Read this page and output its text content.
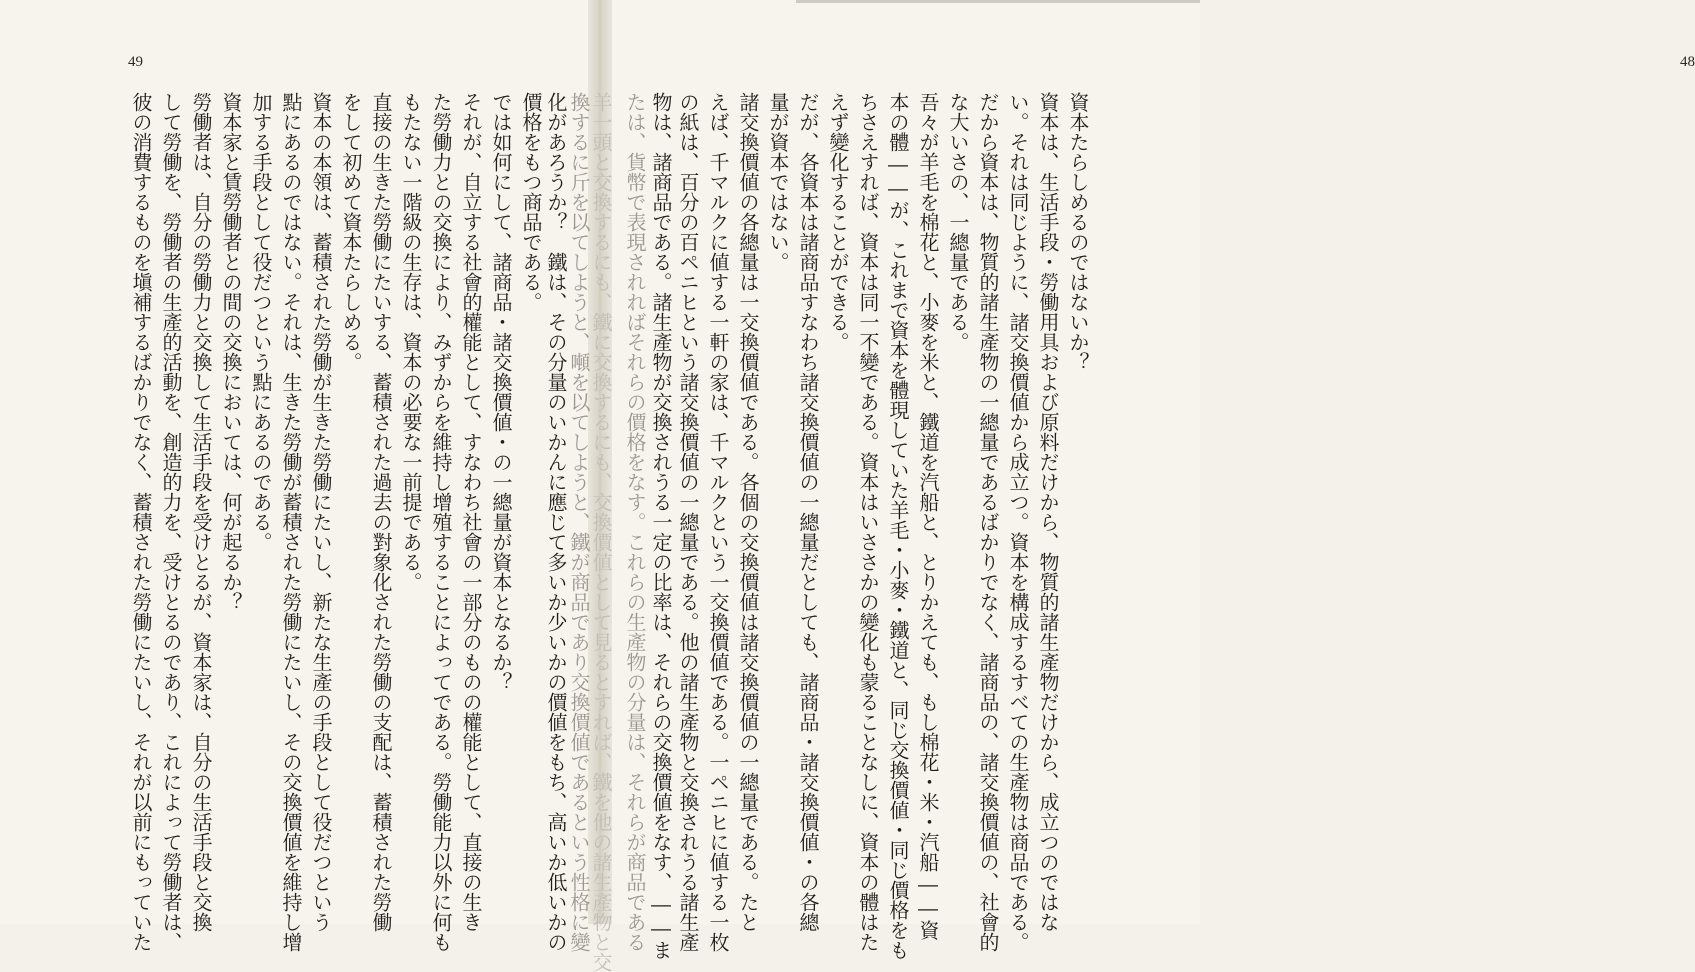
49	48
彼の消費するものを塡補するばかりでなく、蓄積された勞働にたいし、それが以前にもっていた して勞働を、勞働者の生產的活動を、創造的力を、受けとるのであり、これによって勞働者は、 勞働者は、自分の勞働力と交換して生活手段を受けとるが、資本家は、自分の生活手段と交換 資本家と賃勞働者との間の交換においては、何が起るか？ 加する手段として役だつという點にあるのである。 點にあるのではない。それは、生きた勞働が蓄積された勞働にたいし、その交換價値を維持し增 資本の本領は、蓄積された勞働が生きた勞働にたいし、新たな生產の手段として役だつという をして初めて資本たらしめる。 直接の生きた勞働にたいする、蓄積された過去の對象化された勞働の支配は、蓄積された勞働 もたない一階級の生存は、資本の必要な一前提である。 た勞働力との交換により、みずからを維持し增殖することによってである。勞働能力以外に何も それが、自立する社會的權能として、すなわち社會の一部分のものの權能として、直接の生き では如何にして、諸商品・諸交換價値・の一總量が資本となるか？ 價格をもつ商品である。 化があろうか？　鐵は、その分量のいかんに應じて多いか少いかの價値をもち、高いか低いかの 換するに斤を以てしようと、噸を以てしようと、鐵が商品であり交換價値であるという性格に變
羊一頭と交換するにも、鐵に交換するにも、交換價値として見るとすれば、鐵を他の諸生產物と交	資本たらしめるのではないか？
資本は、生活手段・勞働用具および原料だけから、物質的諸生產物だけから、成立つのではな
い。それは同じように、諸交換價値から成立つ。資本を構成するすべての生產物は商品である。
だから資本は、物質的諸生產物の一總量であるばかりでなく、諸商品の、諸交換價値の、社會的
な大いさの、一總量である。
吾々が羊毛を棉花と、小麥を米と、鐵道を汽船と、とりかえても、もし棉花・米・汽船――資
本の體――が、これまで資本を體現していた羊毛・小麥・鐵道と、同じ交換價値・同じ價格をも
ちさえすれば、資本は同一不變である。資本はいささかの變化も蒙ることなしに、資本の體はた
えず變化することができる。
だが、各資本は諸商品すなわち諸交換價値の一總量だとしても、諸商品・諸交換價値・の各總
量が資本ではない。
諸交換價値の各總量は一交換價値である。各個の交換價値は諸交換價値の一總量である。たと
えば、千マルクに値する一軒の家は、千マルクという一交換價値である。一ペニヒに値する一枚
の紙は、百分の百ペニヒという諸交換價値の一總量である。他の諸生產物と交換されうる諸生產
物は、諸商品である。諸生產物が交換されうる一定の比率は、それらの交換價値をなす、――ま
たは、貨幣で表現されればそれらの價格をなす。これらの生產物の分量は、それらが商品である
